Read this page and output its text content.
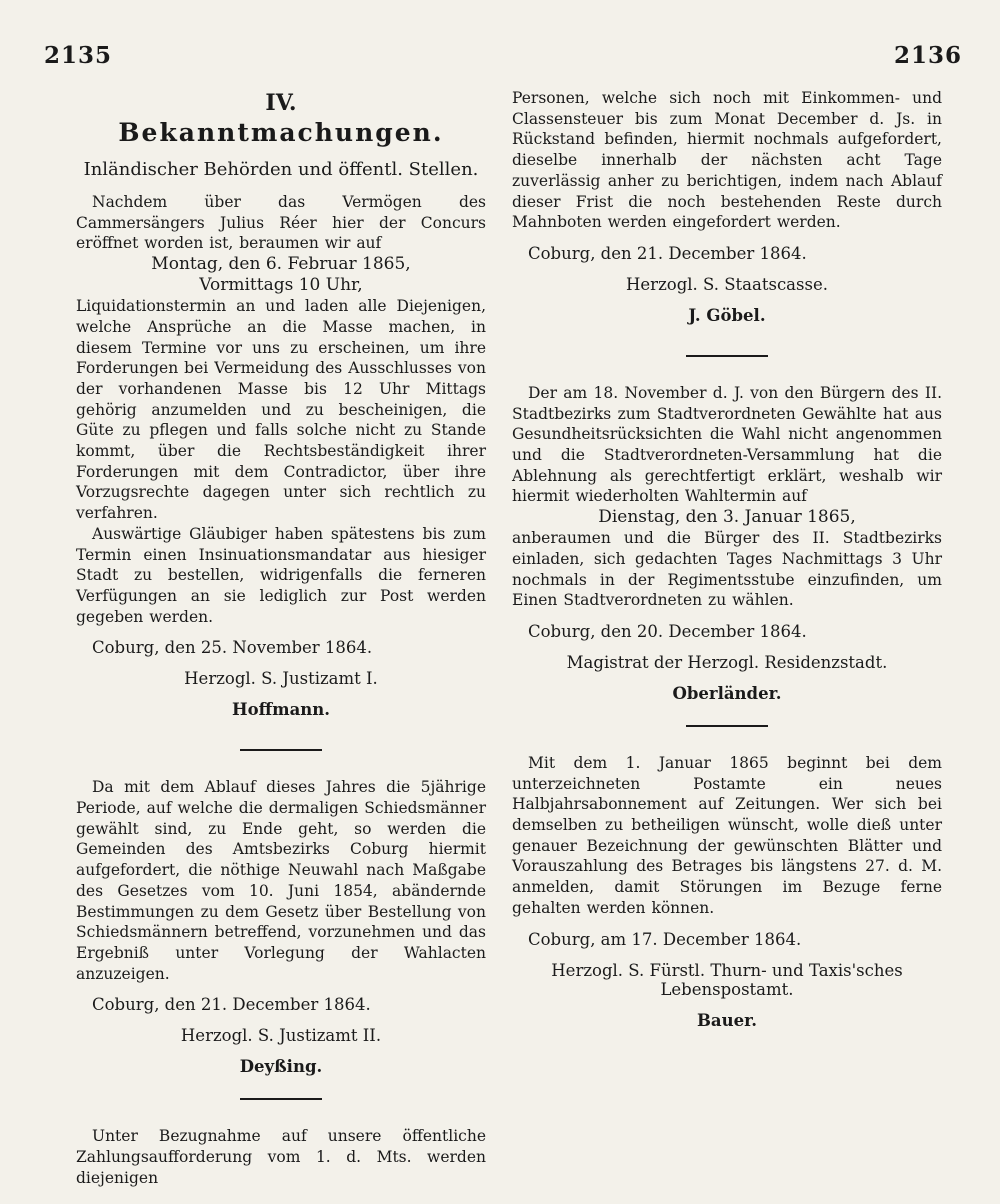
2135	2136
IV.
Bekanntmachungen.
Inländischer Behörden und öffentl. Stellen.

Nachdem über das Vermögen des Cammersängers Julius Réer hier der Concurs eröffnet worden ist, beraumen wir auf

Montag, den 6. Februar 1865,

Vormittags 10 Uhr,

Liquidationstermin an und laden alle Diejenigen, welche Ansprüche an die Masse machen, in diesem Termine vor uns zu erscheinen, um ihre Forderungen bei Vermeidung des Ausschlusses von der vorhandenen Masse bis 12 Uhr Mittags gehörig anzumelden und zu bescheinigen, die Güte zu pflegen und falls solche nicht zu Stande kommt, über die Rechtsbeständigkeit ihrer Forderungen mit dem Contradictor, über ihre Vorzugsrechte dagegen unter sich rechtlich zu verfahren.

Auswärtige Gläubiger haben spätestens bis zum Termin einen Insinuationsmandatar aus hiesiger Stadt zu bestellen, widrigenfalls die ferneren Verfügungen an sie lediglich zur Post werden gegeben werden.

Coburg, den 25. November 1864.

Herzogl. S. Justizamt I.

Hoffmann.

Da mit dem Ablauf dieses Jahres die 5jährige Periode, auf welche die dermaligen Schiedsmänner gewählt sind, zu Ende geht, so werden die Gemeinden des Amtsbezirks Coburg hiermit aufgefordert, die nöthige Neuwahl nach Maßgabe des Gesetzes vom 10. Juni 1854, abändernde Bestimmungen zu dem Gesetz über Bestellung von Schiedsmännern betreffend, vorzunehmen und das Ergebniß unter Vorlegung der Wahlacten anzuzeigen.

Coburg, den 21. December 1864.

Herzogl. S. Justizamt II.

Deyßing.

Unter Bezugnahme auf unsere öffentliche Zahlungsaufforderung vom 1. d. Mts. werden diejenigen

Personen, welche sich noch mit Einkommen- und Classensteuer bis zum Monat December d. Js. in Rückstand befinden, hiermit nochmals aufgefordert, dieselbe innerhalb der nächsten acht Tage zuverlässig anher zu berichtigen, indem nach Ablauf dieser Frist die noch bestehenden Reste durch Mahnboten werden eingefordert werden.

Coburg, den 21. December 1864.

Herzogl. S. Staatscasse.

J. Göbel.

Der am 18. November d. J. von den Bürgern des II. Stadtbezirks zum Stadtverordneten Gewählte hat aus Gesundheitsrücksichten die Wahl nicht angenommen und die Stadtverordneten-Versammlung hat die Ablehnung als gerechtfertigt erklärt, weshalb wir hiermit wiederholten Wahltermin auf

Dienstag, den 3. Januar 1865,

anberaumen und die Bürger des II. Stadtbezirks einladen, sich gedachten Tages Nachmittags 3 Uhr nochmals in der Regimentsstube einzufinden, um Einen Stadtverordneten zu wählen.

Coburg, den 20. December 1864.

Magistrat der Herzogl. Residenzstadt.

Oberländer.

Mit dem 1. Januar 1865 beginnt bei dem unterzeichneten Postamte ein neues Halbjahrsabonnement auf Zeitungen. Wer sich bei demselben zu betheiligen wünscht, wolle dieß unter genauer Bezeichnung der gewünschten Blätter und Vorauszahlung des Betrages bis längstens 27. d. M. anmelden, damit Störungen im Bezuge ferne gehalten werden können.

Coburg, am 17. December 1864.

Herzogl. S. Fürstl. Thurn- und Taxis'sches Lebenspostamt.

Bauer.
